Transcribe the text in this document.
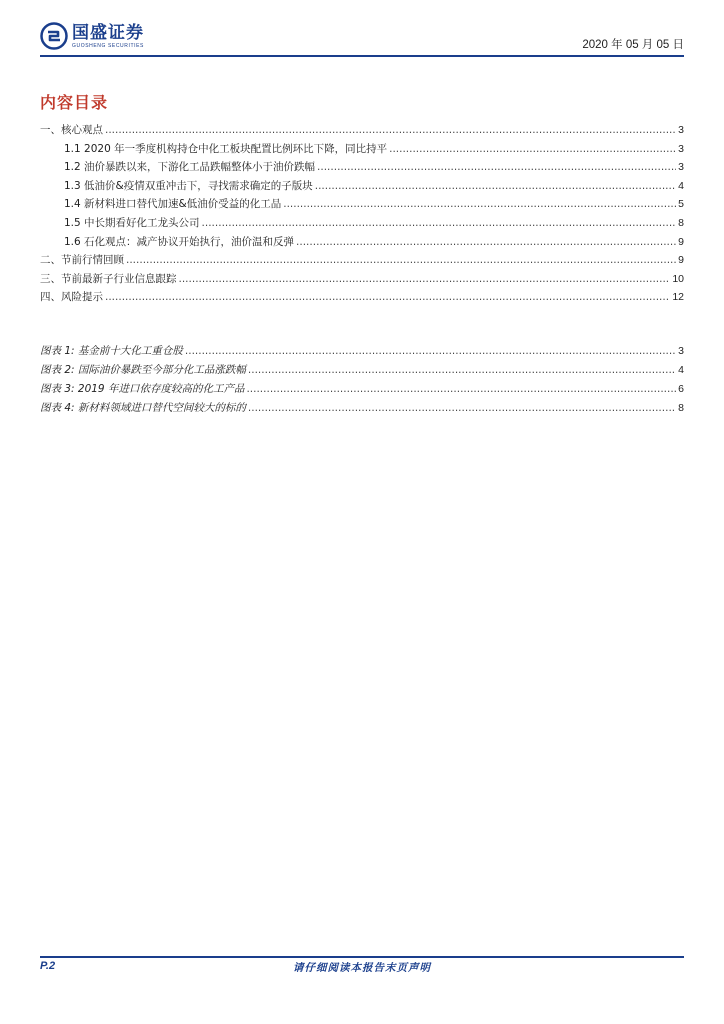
国盛证券
GUOSHENG SECURITIES	2020 年 05 月 05 日
内容目录
一、核心观点 .....	3
1.1 2020 年一季度机构持仓中化工板块配置比例环比下降，同比持平 .....	3
1.2 油价暴跌以来，下游化工品跌幅整体小于油价跌幅 .....	3
1.3 低油价&疫情双重冲击下，寻找需求确定的子版块 .....	4
1.4 新材料进口替代加速&低油价受益的化工品 .....	5
1.5 中长期看好化工龙头公司 .....	8
1.6 石化观点：减产协议开始执行，油价温和反弹 .....	9
二、节前行情回顾 .....	9
三、节前最新子行业信息跟踪 .....	10
四、风险提示 .....	12
图表 1: 基金前十大化工重仓股 .....	3
图表 2: 国际油价暴跌至今部分化工品涨跌幅 .....	4
图表 3: 2019 年进口依存度较高的化工产品 .....	6
图表 4: 新材料领域进口替代空间较大的标的 .....	8
P.2	请仔细阅读本报告末页声明
